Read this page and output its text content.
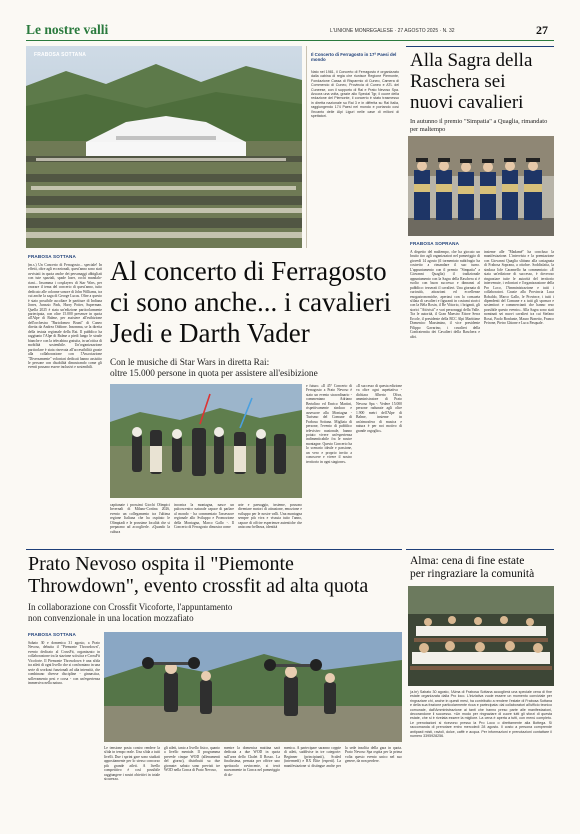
Le nostre valli	L'UNIONE MONREGALESE · 27 AGOSTO 2025 · N. 32	27
FRABOSA SOTTANA	Il Concerto di Ferragosto in 17ª Paesi del mondo
Nato nel 1981, il Concerto di Ferragosto è organizzato dalla cabina di regia che riunisce Regione Piemonte, Fondazione Cassa di Risparmio di Cuneo, Camera di Commercio di Cuneo, Provincia di Cuneo e ATL del Cuneese, con il supporto di Rai e Prato Nevoso Spa. Ancora una volta, grazie allo Special Tgr, il cuore della redazione del Piemonte, il concerto è stato trasmesso in diretta nazionale su Rai 3 e in differita su Rai Italia, raggiungendo 174 Paesi nel mondo e portando così l'incanto delle Alpi Liguri nelle case di milioni di spettatori.
FRABOSA SOTTANA
(m.s.) Un Concerto di Ferragosto... speciale! In effetti, oltre agli eccezionali, quest'anno sono stati avvistati in quota anche dei personaggi abbigliati con tute spaziali, spade laser, occhi mandalo-riani... Insomma i cosplayers di Star Wars, per onorare il tema del concerto di quest'anno, tutto dedicato alle colonne sonore di John Williams, tra cui anche la saga di George Lucas. Oltre a questo è stato possibile ascoltare le partiture di Indiana Jones, Jurassic Park, Harry Potter, Superman. Quella 2025 è stata un'edizione particolarmente partecipata, con oltre 15.000 presenze in quota all'Alpe di Balme, per assistere all'esibizione dell'orchestra "Bartolomeo Bruni" di Cuneo diretta da Andrea Oddone. Insomma, se la diretta della testata regionale della Rai. Il pubblico ha raggiunto l'Alpe di Balme a piedi lungo le strade bianche e con la telecabina gratuita, in un'ottica di mobilità sostenibile. Un'organizzazione particolare è stata riservata all'accessibilità grazie alla collaborazione con l'Associazione "Diversamente" volontari dedicati hanno assistito le persone con disabilità dimostrando come gli eventi possano essere inclusivi e sostenibili.
Al concerto di Ferragosto
ci sono anche... i cavalieri
Jedi e Darth Vader
Con le musiche di Star Wars in diretta Rai:
oltre 15.000 persone in quota per assistere all'esibizione
e futuro. «Il 45° Concerto di Ferragosto a Prato Nevoso è stato un evento straordinario - commentano Adriano Bertolino ed Enrico Martini, rispettivamente sindaco e assessore alla Montagna - Turismo del Comune di Frabosa Sottana. Migliaia di persone, l'evento di pubblico televisivo nazionale, hanno potuto vivere un'esperienza indimenticabile fra le nostre montagne. Questo Concerto ha lo scenario ideale e passione, un vero e proprio invito a conoscere e vivere il nostro territorio in ogni stagione».
«Il successo di questa edizione va oltre ogni aspettativa - dichiara Alberto Oliva, amministratore di Prato Nevoso Spa -. Vedere 15.000 persone radunate agli oltre 1.900 metri dell'Alpe di Balme, insieme in un'atmosfera di musica e natura è per noi motivo di grande orgoglio».
capitanate i prossimi Giochi Olimpici Invernali di Milano-Cortina 2026, evento un collegamento tra l'ultima regione Italiana che ha ospitato le Olimpiadi e le prossime località che si preparano ad accoglierle. «Quando la cultura
incontra la montagna, nasce un palcoscenico naturale capace di parlare al mondo - ha commentato l'assessore regionale allo Sviluppo e Promozione della Montagna, Marco Gallo -. Il Concerto di Ferragosto dimostra come
arte e paesaggio, insieme, possono diventare motori di attrazione, emozione e sviluppo per le nostre valli. Una montagna sempre più viva e vissuta tutto l'anno, capace di offrire esperienze autentiche che uniscono bellezza, identità
Alla Sagra della
Raschera sei
nuovi cavalieri
In autunno il premio "Simpatia" a Quaglia, rimandato per maltempo
FRABOSA SOPRANA
A dispetto del maltempo, che ha giocato un brutto tiro agli organizzatori nel pomeriggio di giovedì 14 agosto (il tormentato nubifragio ha costretto a rimandare il suo turno. L'appuntamento con il premio "Simpatia" a Giovanni Quaglia) il tradizionale appuntamento con la Sagra della Raschera si è svolto con buon successo e dinnanzi al pubblico: tesserati il cavalieri. Una giornata di curiosità, attrazioni ed eccellenze enogastronomiche, apertasi con la consueta sfilata di cavalieri e figuranti in costumi storici con la Bèla Rosin, il Re Vittorio, i briganti, gli storici "Attivisti" e vari personaggi della Valle. Tra le autorità, il Gran Maestro Ettore Serra Ercole, il presidente della BCC Alpi Marittime Domenico Massimino, il vice presidente Filippo Gavarino, i cavalieri della Confraternita dei Cavalieri della Raschera e altri.
insieme alle "Madamé" ha concluso la manifestazione. L'intervista e la premiazione con Giovanni Quaglia slittano alla castagnata di Frabosa Soprana, a ottobre. Soddisfatta, la sindaca Iole Caramello ha commentato: «È stata un'edizione di successo, è doveroso ringraziare tutte le autorità del territorio intervenute, i volontari e l'organizzazione della Pro Loco, l'Amministrazione e tutti i collaboratori. Grazie alla Provincia Luca Robaldo, Marco Gallo, le Province, i tutti i dipendenti del Comune e a tutti gli sponsor e sostenitori e commercianti che hanno reso possibile questo evento». Alla Sagra sono stati nominati sei nuovi cavalieri tra cui Stefano Rossi, Paolo Bonfante, Mauro Bonetto, Franco Peirone, Pietro Ghione e Luca Pasquale.
Prato Nevoso ospita il "Piemonte
Throwdown", evento crossfit ad alta quota
In collaborazione con Crossfit Vicoforte, l'appuntamento
non convenzionale in una location mozzafiato
FRABOSA SOTTANA
Sabato 30 e domenica 31 agosto, a Prato Nevoso, debutta il "Piemonte Throwdown", evento dedicato al CrossFit, organizzato in collaborazione tra la stazione sciistica e CrossFit Vicoforte. Il Piemonte Throwdown è una sfida tra atleti di ogni livello che si confrontano in una serie di workout funzionali ad alta intensità, che combinano diverse discipline - ginnastica, sollevamento pesi e corsa - con un'esperienza immersiva nella natura.
Le tensione posta contro rendere la sfida in tempo reale. Una sfida a tutti livelli. Due i sprint gare sono studiati appositamente per lo stesso concorso più grande atleti. A livello competitivo è così possibile raggiungere i nostri obiettivi in totale sicurezza.
gli atleti, tanto a livello fisico, quanto a livello mentale. Il programma prevede cinque WOD (allenamenti del giorno), distribuiti su due giornate: sabato sono previsti tre WOD nella Conca di Prato Nevoso,
mentre la domenica mattina sarà dedicata a due WOD in quota sull'area dello Chalet Il Rosso. La finalissima, pensata per offrire uno spettacolo avvincente, si terrà nuovamente in Conca nel pomeriggio di do-
menica. A partecipare saranno coppie di atleti, suddivise in tre categorie: Beginner (principianti), Scaled (intermedi) e RX Elite (esperti). La manifestazione si distingue anche per la sede insolita della gara in quota. Prato Nevoso Spa ospita per la prima volta questo evento unico nel suo genere, da non perdere.
Alma: cena di fine estate
per ringraziare la comunità
(a.br) Sabato 30 agosto, l'Alma di Frabosa Sottana accoglierà una speciale cena di fine estate organizzata dalla Pro loco. L'iniziativa vuole essere un momento conviviale per ringraziare chi, anche in questi mesi, ha contribuito a rendere l'estate di Frabosa Sottana e della sua frazione particolarmente ricca e partecipata: dai collaboratori all'ufficio tecnico comunale, dall'Amministrazione ai tanti che hanno preso parte alle manifestazioni, decorandone il successo. «Un modo per ringraziare di cuore tutti gli sforzi di questa estate, che si è rivelata essere la migliore. La cena è aperta a tutti, con menù completo. Le prenotazioni si ricevono presso la Pro Loco o direttamente alla Bottega. Si raccomanda di prenotare entro mercoledì 28 agosto. Il costo a persona comprende antipasti misti, ravioli, dolce, caffè e acqua. Per informazioni e prenotazioni contattare il numero 3395928256.
